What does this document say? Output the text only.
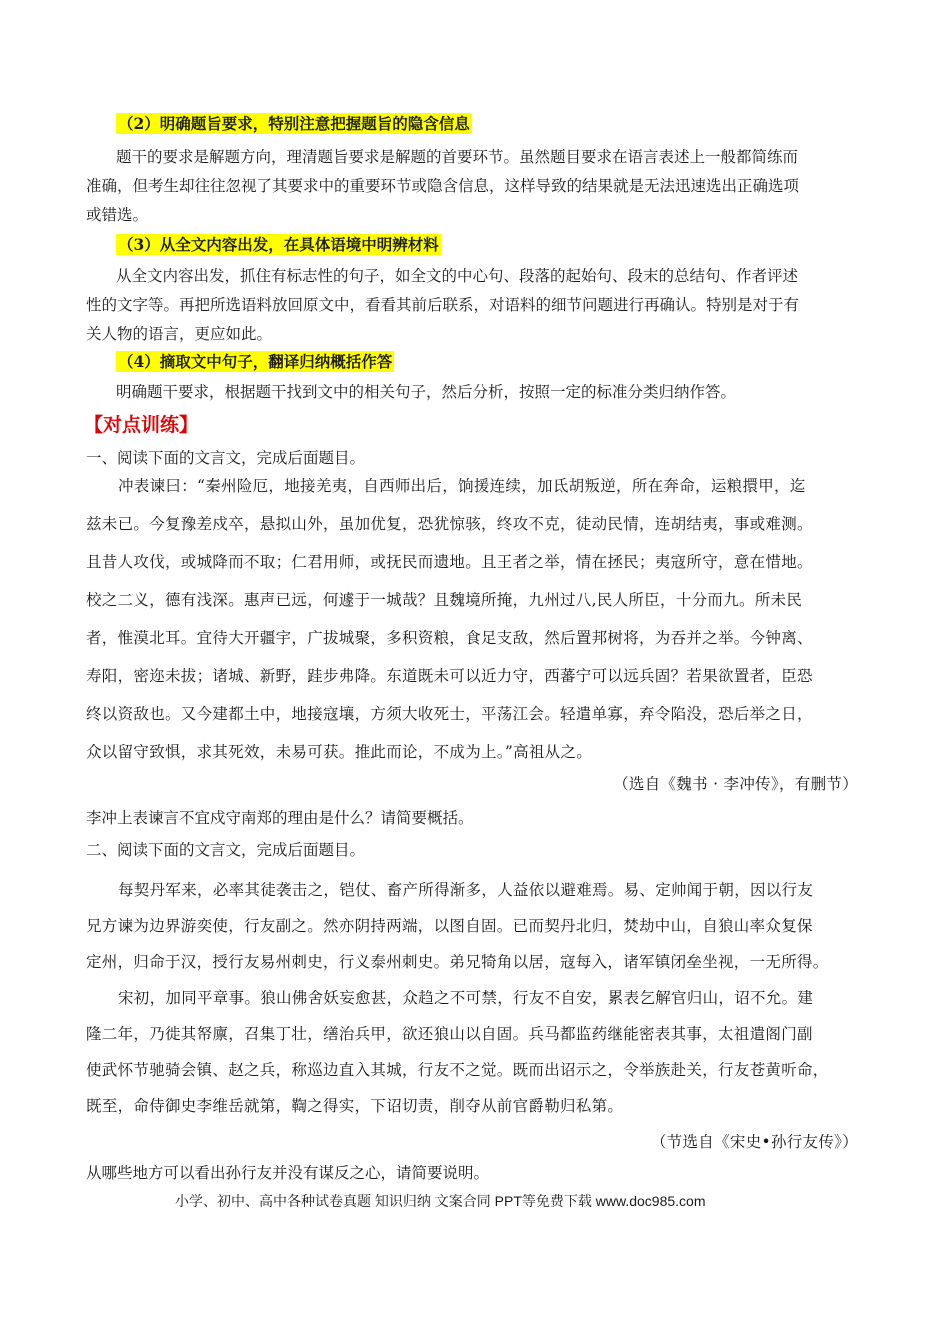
（2）明确题旨要求，特别注意把握题旨的隐含信息
题干的要求是解题方向，理清题旨要求是解题的首要环节。虽然题目要求在语言表述上一般都简练而
准确，但考生却往往忽视了其要求中的重要环节或隐含信息，这样导致的结果就是无法迅速选出正确选项
或错选。
（3）从全文内容出发，在具体语境中明辨材料
从全文内容出发，抓住有标志性的句子，如全文的中心句、段落的起始句、段末的总结句、作者评述
性的文字等。再把所选语料放回原文中，看看其前后联系，对语料的细节问题进行再确认。特别是对于有
关人物的语言，更应如此。
（4）摘取文中句子，翻译归纳概括作答
明确题干要求，根据题干找到文中的相关句子，然后分析，按照一定的标准分类归纳作答。
【对点训练】
一、阅读下面的文言文，完成后面题目。
冲表谏曰：“秦州险厄，地接羌夷，自西师出后，饷援连续，加氐胡叛逆，所在奔命，运粮擐甲，迄
兹未已。今复豫差戍卒，悬拟山外，虽加优复，恐犹惊骇，终攻不克，徒动民情，连胡结夷，事或难测。
且昔人攻伐，或城降而不取；仁君用师，或抚民而遗地。且王者之举，情在拯民；夷寇所守，意在惜地。
校之二义，德有浅深。惠声已远，何遽于一城哉？且魏境所掩，九州过八,民人所臣，十分而九。所未民
者，惟漠北耳。宜待大开疆宇，广拔城聚，多积资粮，食足支敌，然后置邦树将，为吞并之举。今钟离、
寿阳，密迩未拔；诸城、新野，跬步弗降。东道既未可以近力守，西蕃宁可以远兵固？若果欲置者，臣恐
终以资敌也。又今建都土中，地接寇壤，方须大收死士，平荡江会。轻遣单寡，弃令陷没，恐后举之日，
众以留守致惧，求其死效，未易可获。推此而论，不成为上。”高祖从之。
（选自《魏书 · 李冲传》，有删节）
李冲上表谏言不宜戍守南郑的理由是什么？请简要概括。
二、阅读下面的文言文，完成后面题目。
每契丹军来，必率其徒袭击之，铠仗、畜产所得渐多，人益依以避难焉。易、定帅闻于朝，因以行友
兄方谏为边界游奕使，行友副之。然亦阴持两端，以图自固。已而契丹北归，焚劫中山，自狼山率众复保
定州，归命于汉，授行友易州刺史，行义泰州刺史。弟兄犄角以居，寇每入，诸军镇闭垒坐视，一无所得。
宋初，加同平章事。狼山佛舍妖妄愈甚，众趋之不可禁，行友不自安，累表乞解官归山，诏不允。建
隆二年，乃徙其帑廪，召集丁壮，缮治兵甲，欲还狼山以自固。兵马都监药继能密表其事，太祖遣阁门副
使武怀节驰骑会镇、赵之兵，称巡边直入其城，行友不之觉。既而出诏示之，令举族赴关，行友苍黄听命，
既至，命侍御史李维岳就第，鞫之得实，下诏切责，削夺从前官爵勒归私第。
（节选自《宋史•孙行友传》）
从哪些地方可以看出孙行友并没有谋反之心，请简要说明。
小学、初中、高中各种试卷真题 知识归纳 文案合同 PPT等免费下载 www.doc985.com
